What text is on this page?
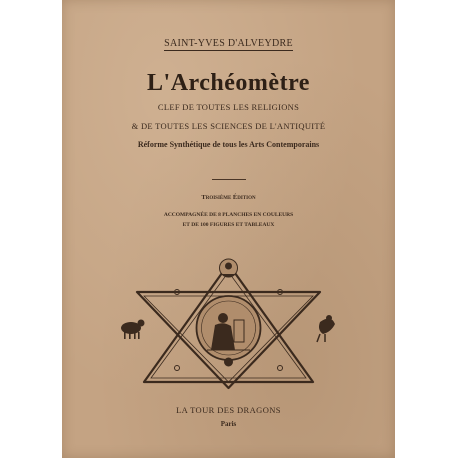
SAINT-YVES D'ALVEYDRE
L'Archéomètre
CLEF DE TOUTES LES RELIGIONS
& DE TOUTES LES SCIENCES DE L'ANTIQUITÉ
Réforme Synthétique de tous les Arts Contemporains
Troisième Édition
ACCOMPAGNÉE DE 8 PLANCHES EN COULEURS
ET DE 100 FIGURES ET TABLEAUX
LA TOUR DES DRAGONS
Paris
